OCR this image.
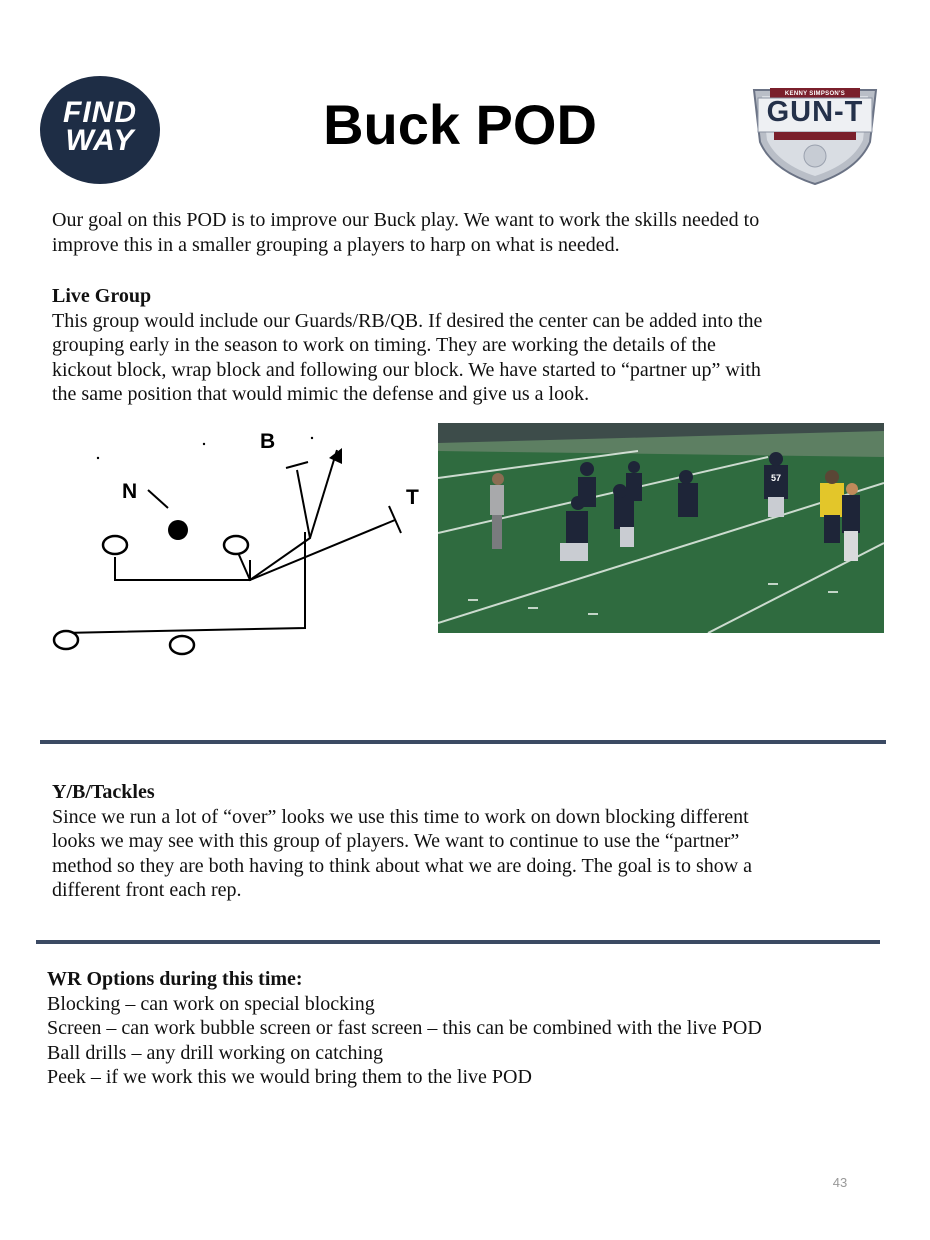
FIND
WAY	Buck POD	KENNY SIMPSON'S
GUN-T

Our goal on this POD is to improve our Buck play. We want to work the skills needed to
improve this in a smaller grouping a players to harp on what is needed.

Live Group
This group would include our Guards/RB/QB. If desired the center can be added into the
grouping early in the season to work on timing. They are working the details of the
kickout block, wrap block and following our block. We have started to “partner up” with
the same position that would mimic the defense and give us a look.

B
N	T
57

Y/B/Tackles
Since we run a lot of “over” looks we use this time to work on down blocking different
looks we may see with this group of players. We want to continue to use the “partner”
method so they are both having to think about what we are doing. The goal is to show a
different front each rep.

WR Options during this time:
Blocking – can work on special blocking
Screen – can work bubble screen or fast screen – this can be combined with the live POD
Ball drills – any drill working on catching
Peek – if we work this we would bring them to the live POD

43
